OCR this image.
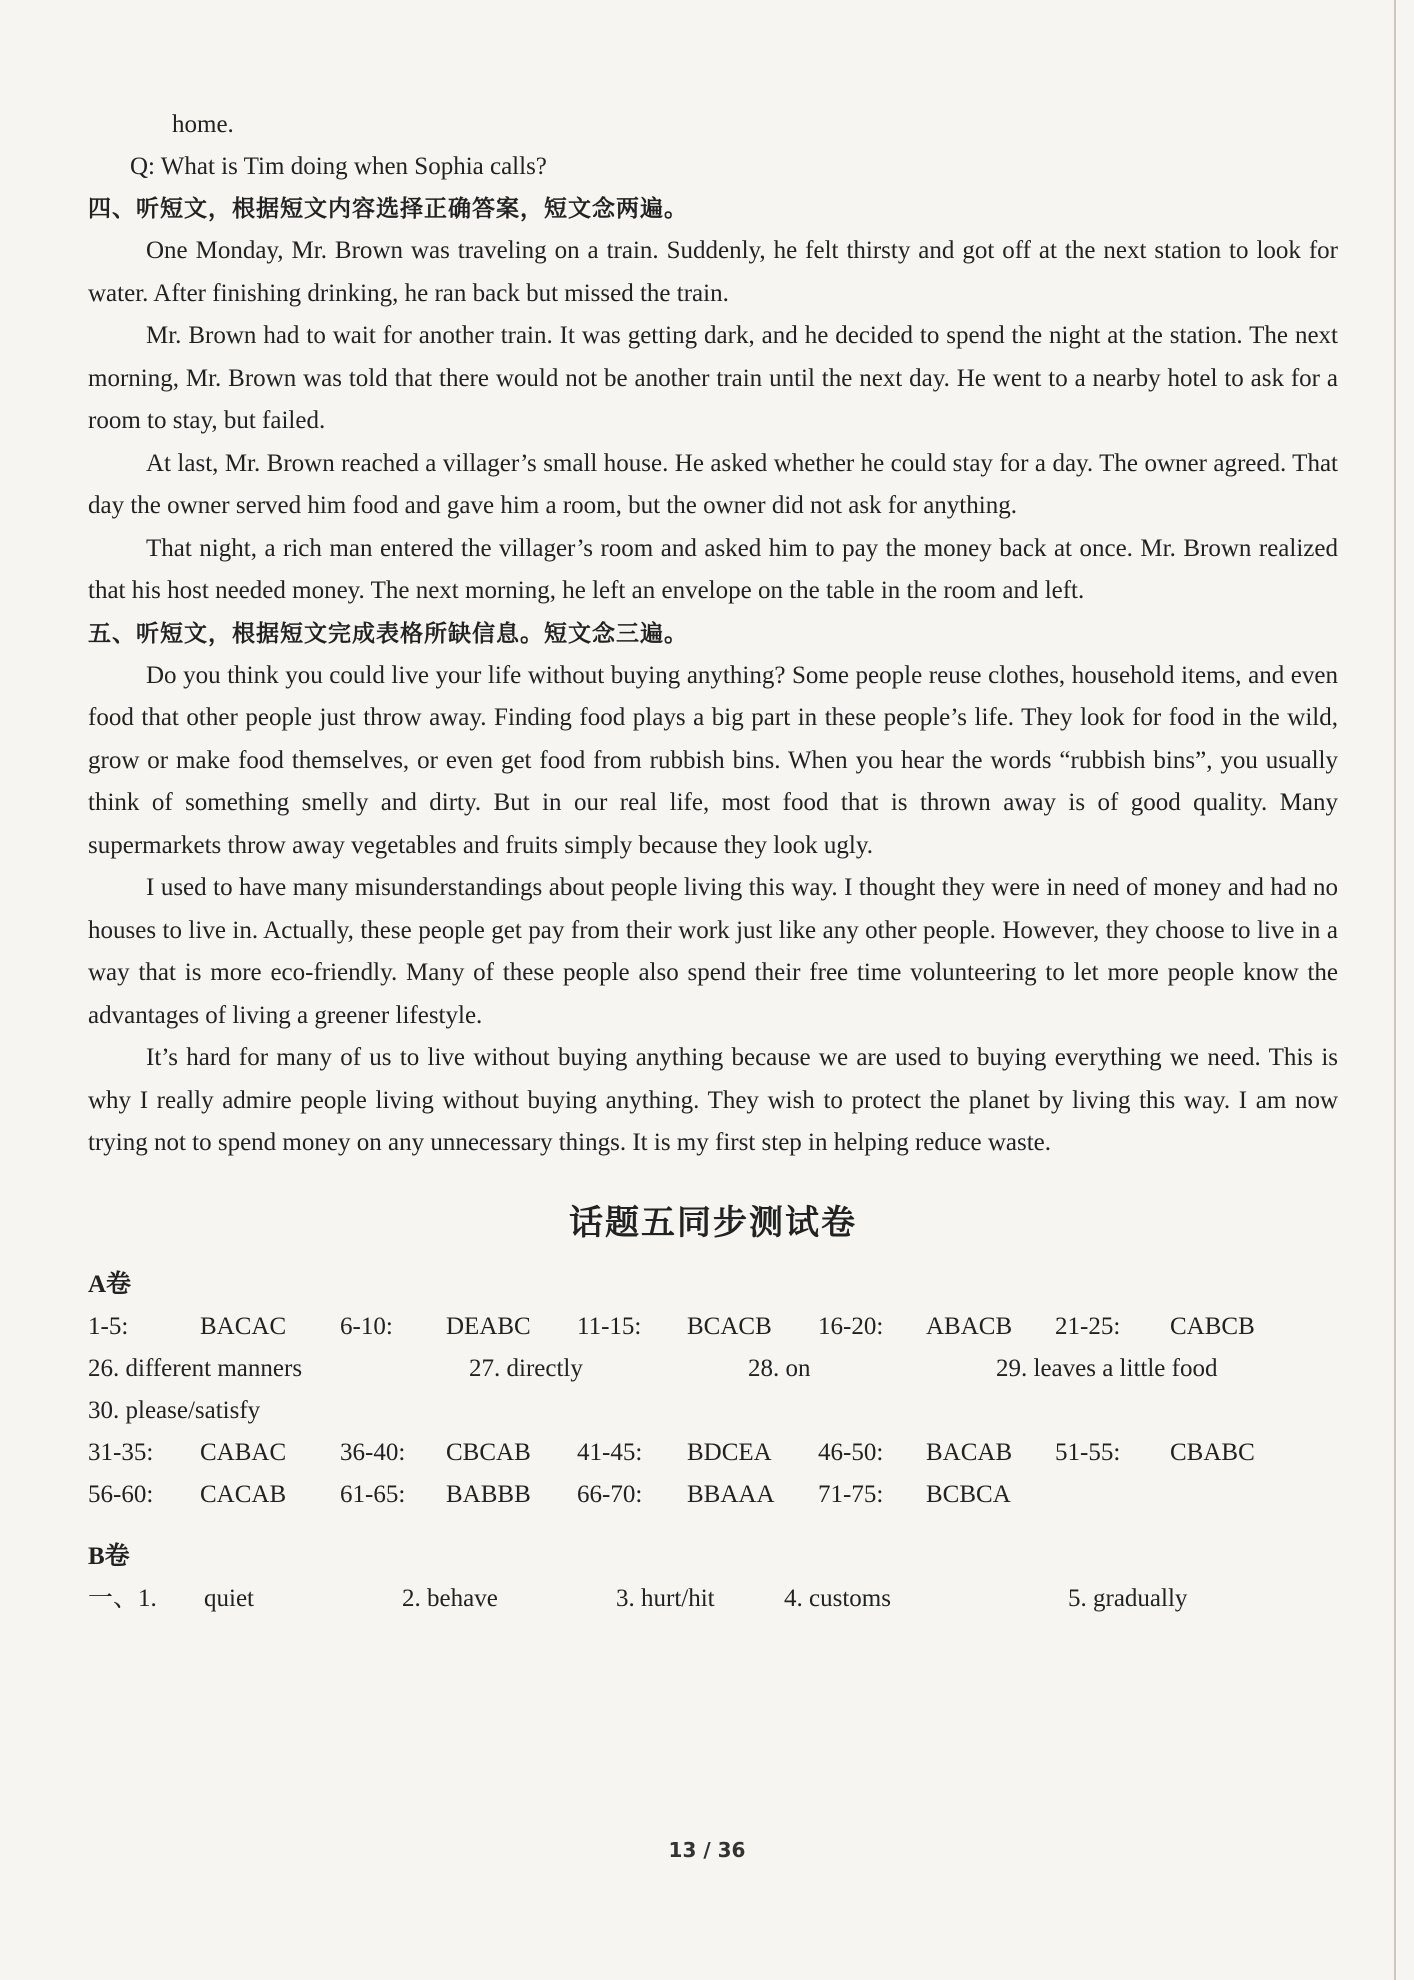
home.
Q: What is Tim doing when Sophia calls?
四、听短文，根据短文内容选择正确答案，短文念两遍。

One Monday, Mr. Brown was traveling on a train. Suddenly, he felt thirsty and got off at the next station to look for water. After finishing drinking, he ran back but missed the train.

Mr. Brown had to wait for another train. It was getting dark, and he decided to spend the night at the station. The next morning, Mr. Brown was told that there would not be another train until the next day. He went to a nearby hotel to ask for a room to stay, but failed.

At last, Mr. Brown reached a villager’s small house. He asked whether he could stay for a day. The owner agreed. That day the owner served him food and gave him a room, but the owner did not ask for anything.

That night, a rich man entered the villager’s room and asked him to pay the money back at once. Mr. Brown realized that his host needed money. The next morning, he left an envelope on the table in the room and left.

五、听短文，根据短文完成表格所缺信息。短文念三遍。

Do you think you could live your life without buying anything? Some people reuse clothes, household items, and even food that other people just throw away. Finding food plays a big part in these people’s life. They look for food in the wild, grow or make food themselves, or even get food from rubbish bins. When you hear the words “rubbish bins”, you usually think of something smelly and dirty. But in our real life, most food that is thrown away is of good quality. Many supermarkets throw away vegetables and fruits simply because they look ugly.

I used to have many misunderstandings about people living this way. I thought they were in need of money and had no houses to live in. Actually, these people get pay from their work just like any other people. However, they choose to live in a way that is more eco-friendly. Many of these people also spend their free time volunteering to let more people know the advantages of living a greener lifestyle.

It’s hard for many of us to live without buying anything because we are used to buying everything we need. This is why I really admire people living without buying anything. They wish to protect the planet by living this way. I am now trying not to spend money on any unnecessary things. It is my first step in helping reduce waste.

话题五同步测试卷
A卷
1-5:	BACAC 6-10: DEABC 11-15: BCACB 16-20: ABACB 21-25: CABCB
26. different manners	27. directly	28. on	29. leaves a little food
30. please/satisfy
31-35: CABAC 36-40: CBCAB 41-45: BDCEA 46-50: BACAB 51-55: CBABC
56-60: CACAB 61-65: BABBB 66-70: BBAAA 71-75: BCBCA
B卷
一、1. quiet	2. behave	3. hurt/hit	4. customs	5. gradually
13 / 36
